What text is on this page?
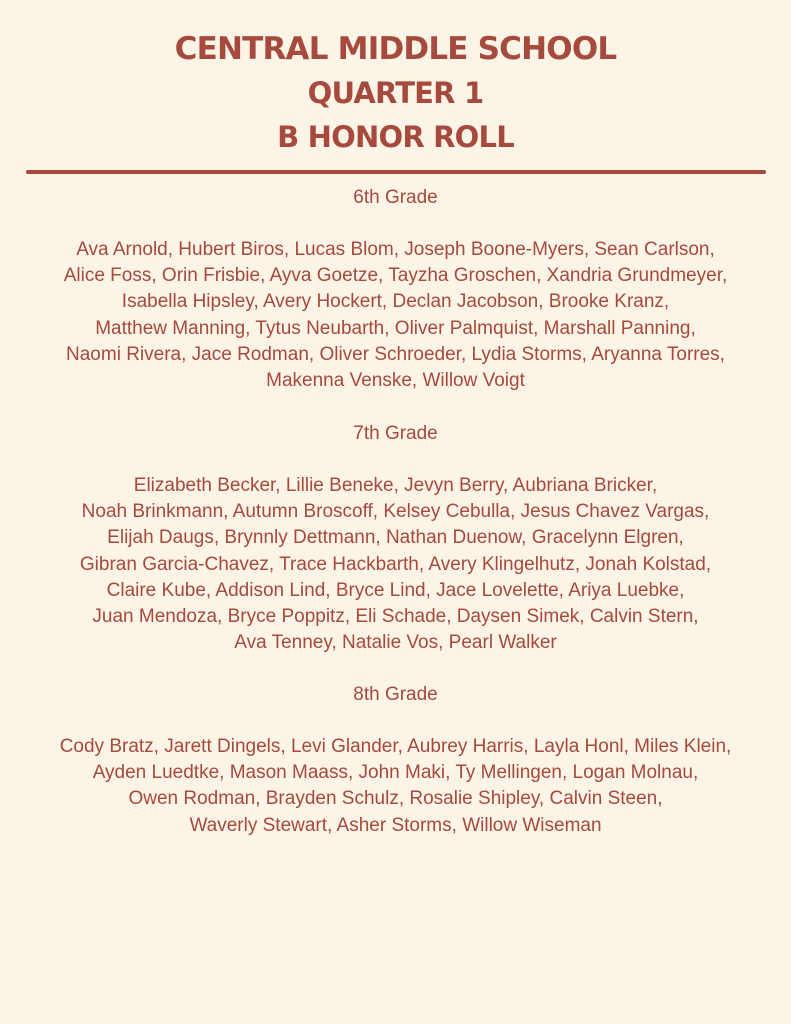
CENTRAL MIDDLE SCHOOL
QUARTER 1
B HONOR ROLL
6th Grade
Ava Arnold, Hubert Biros, Lucas Blom, Joseph Boone-Myers, Sean Carlson,
Alice Foss, Orin Frisbie, Ayva Goetze, Tayzha Groschen, Xandria Grundmeyer,
Isabella Hipsley, Avery Hockert, Declan Jacobson, Brooke Kranz,
Matthew Manning, Tytus Neubarth, Oliver Palmquist, Marshall Panning,
Naomi Rivera, Jace Rodman, Oliver Schroeder, Lydia Storms, Aryanna Torres,
Makenna Venske, Willow Voigt
7th Grade
Elizabeth Becker, Lillie Beneke, Jevyn Berry, Aubriana Bricker,
Noah Brinkmann, Autumn Broscoff, Kelsey Cebulla, Jesus Chavez Vargas,
Elijah Daugs, Brynnly Dettmann, Nathan Duenow, Gracelynn Elgren,
Gibran Garcia-Chavez, Trace Hackbarth, Avery Klingelhutz, Jonah Kolstad,
Claire Kube, Addison Lind, Bryce Lind, Jace Lovelette, Ariya Luebke,
Juan Mendoza, Bryce Poppitz, Eli Schade, Daysen Simek, Calvin Stern,
Ava Tenney, Natalie Vos, Pearl Walker
8th Grade
Cody Bratz, Jarett Dingels, Levi Glander, Aubrey Harris, Layla Honl, Miles Klein,
Ayden Luedtke, Mason Maass, John Maki, Ty Mellingen, Logan Molnau,
Owen Rodman, Brayden Schulz, Rosalie Shipley, Calvin Steen,
Waverly Stewart, Asher Storms, Willow Wiseman
